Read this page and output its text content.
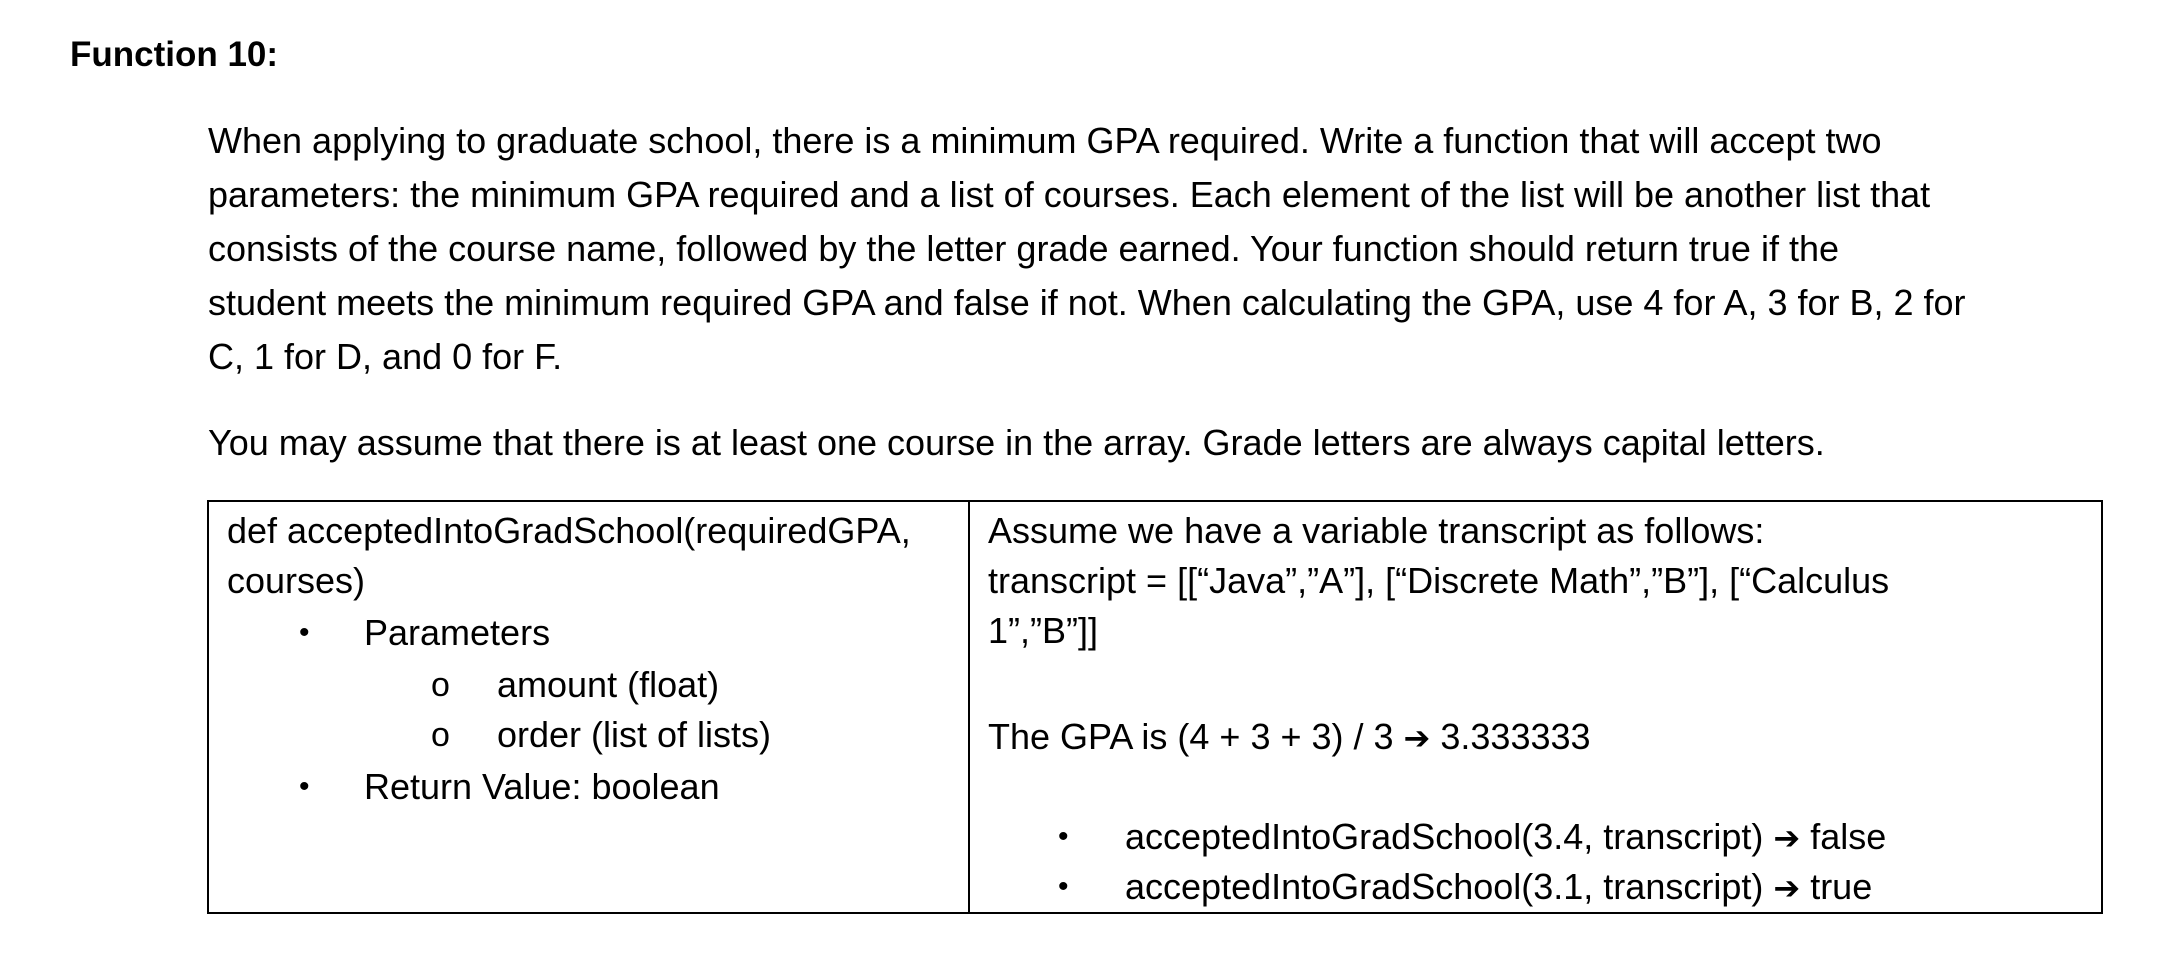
Function 10:
When applying to graduate school, there is a minimum GPA required. Write a function that will accept two
parameters: the minimum GPA required and a list of courses. Each element of the list will be another list that
consists of the course name, followed by the letter grade earned. Your function should return true if the
student meets the minimum required GPA and false if not. When calculating the GPA, use 4 for A, 3 for B, 2 for
C, 1 for D, and 0 for F.

You may assume that there is at least one course in the array. Grade letters are always capital letters.

def acceptedIntoGradSchool(requiredGPA,
courses)
• Parameters
o amount (float)
o order (list of lists)
• Return Value: boolean
Assume we have a variable transcript as follows:
transcript = [[“Java”,”A”], [“Discrete Math”,”B”], [“Calculus
1”,”B”]]
The GPA is (4 + 3 + 3) / 3 ➔ 3.333333
• acceptedIntoGradSchool(3.4, transcript) ➔ false
• acceptedIntoGradSchool(3.1, transcript) ➔ true
